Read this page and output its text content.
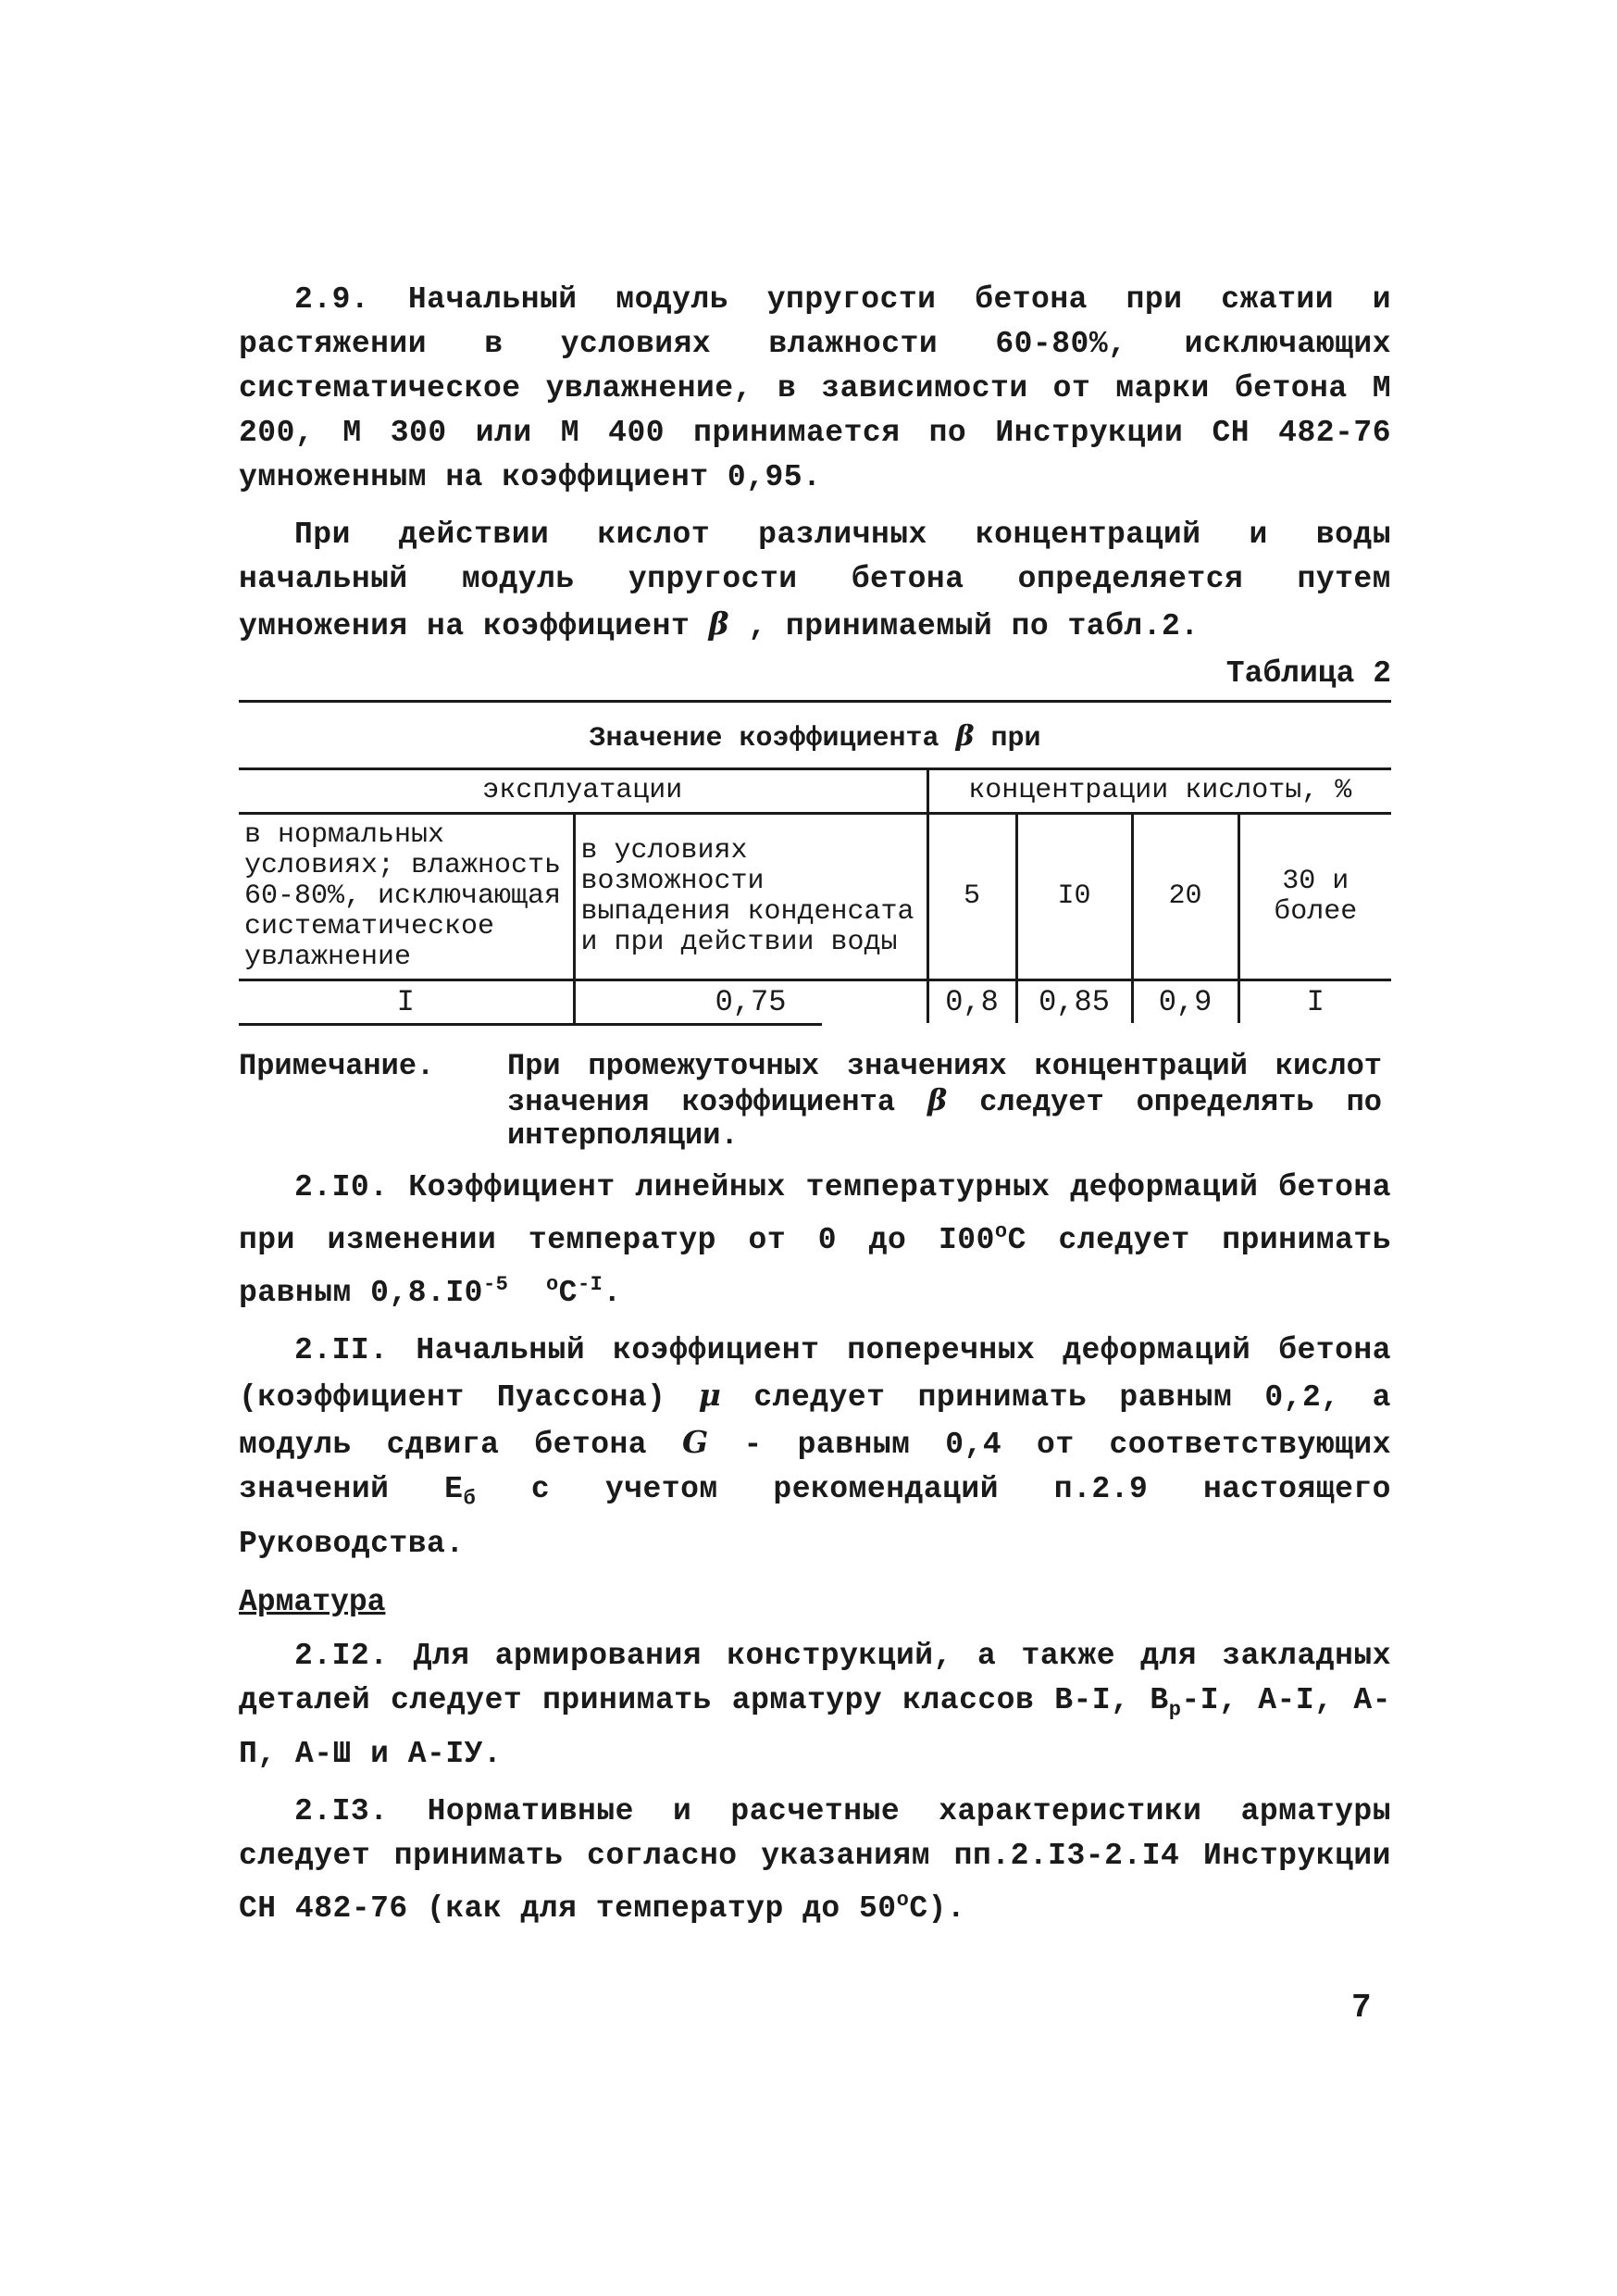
2.9. Начальный модуль упругости бетона при сжатии и растяжении в условиях влажности 60-80%, исключающих систематическое увлажнение, в зависимости от марки бетона М 200, М 300 или М 400 принимается по Инструкции СН 482-76 умноженным на коэффициент 0,95.

При действии кислот различных концентраций и воды начальный модуль упругости бетона определяется путем умножения на коэффициент β , принимаемый по табл.2.

Таблица 2
Значение коэффициента β при					
эксплуатации		концентрации кислоты, %			
в нормальных условиях; влажность 60-80%, исключающая систематическое увлажнение	в условиях возможности выпадения конденсата и при действии воды	5	I0	20	30 и более
I	0,75	0,8	0,85	0,9	I
Примечание. При промежуточных значениях концентраций кислот значения коэффициента β следует определять по интерполяции.

2.I0. Коэффициент линейных температурных деформаций бетона при изменении температур от 0 до $I00^оС$ следует принимать равным $0,8.I0^{-5}$ $^оС^{-I}$.

2.II. Начальный коэффициент поперечных деформаций бетона (коэффициент Пуассона) μ следует принимать равным 0,2, а модуль сдвига бетона G - равным 0,4 от соответствующих значений $E_б$ с учетом рекомендаций п.2.9 настоящего Руководства.

Арматура

2.I2. Для армирования конструкций, а также для закладных деталей следует принимать арматуру классов В-I, $В_р-I$, А-I, А-П, А-Ш и А-IУ.

2.I3. Нормативные и расчетные характеристики арматуры следует принимать согласно указаниям пп.2.I3-2.I4 Инструкции СН 482-76 (как для температур до $50^оС$).

7
